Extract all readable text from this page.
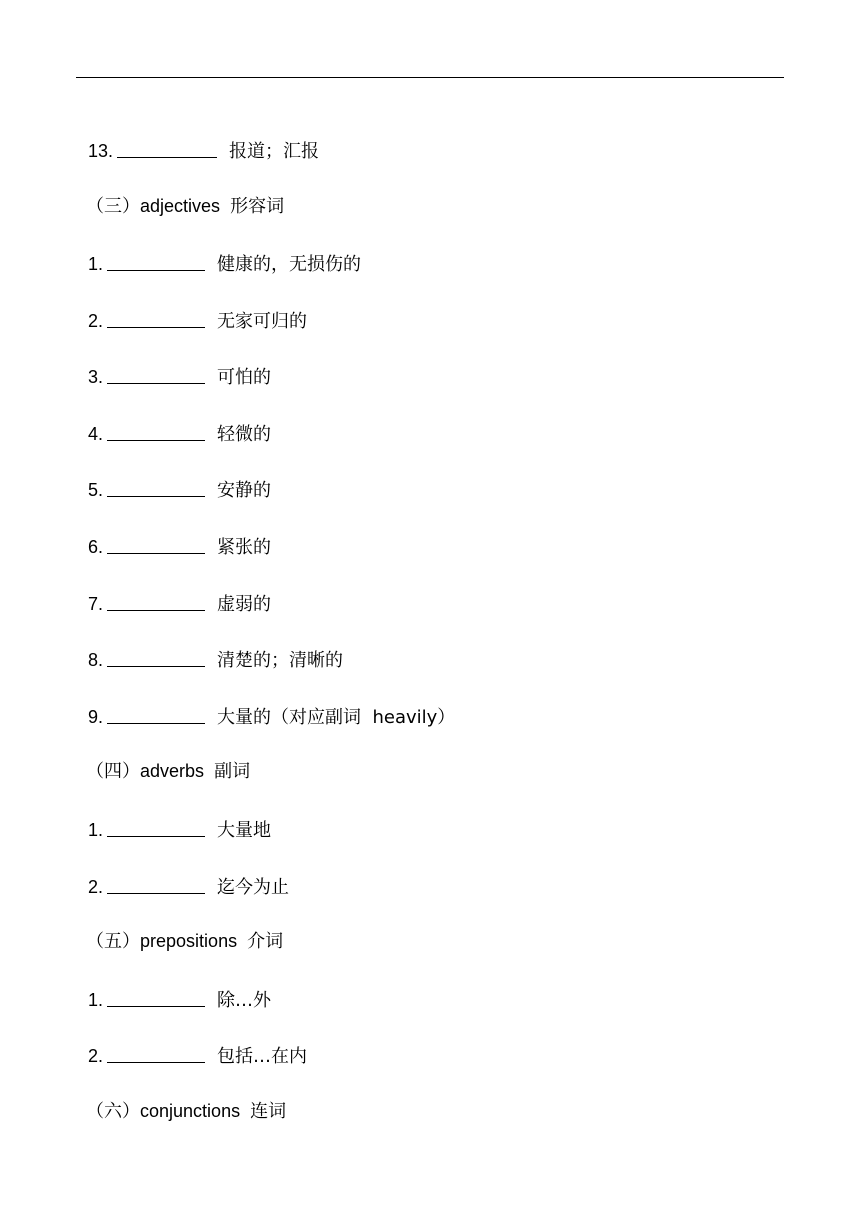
13.	报道；汇报

（三）adjectives 形容词

1.	健康的，无损伤的

2.	无家可归的

3.	可怕的

4.	轻微的

5.	安静的

6.	紧张的

7.	虚弱的

8.	清楚的；清晰的

9.	大量的（对应副词  heavily）

（四）adverbs 副词

1.	大量地

2.	迄今为止

（五）prepositions 介词

1.	除…外

2.	包括…在内

（六）conjunctions 连词
